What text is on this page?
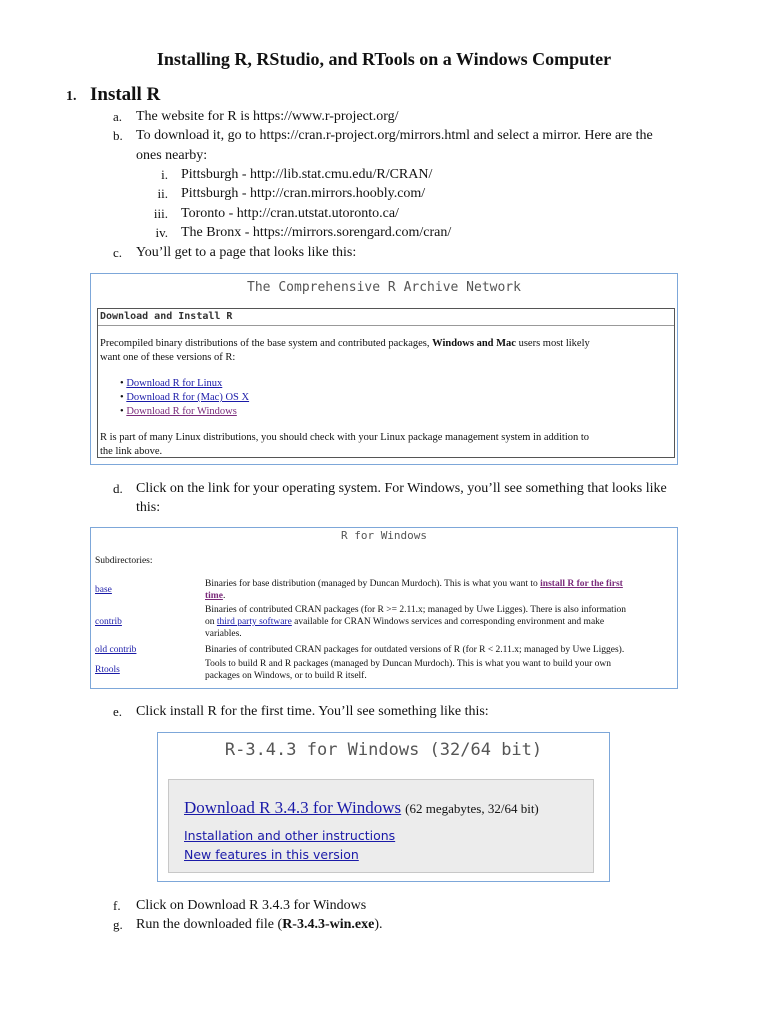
Installing R, RStudio, and RTools on a Windows Computer
1. Install R
a. The website for R is https://www.r-project.org/
b. To download it, go to https://cran.r-project.org/mirrors.html and select a mirror. Here are the
ones nearby:
i. Pittsburgh - http://lib.stat.cmu.edu/R/CRAN/
ii. Pittsburgh - http://cran.mirrors.hoobly.com/
iii. Toronto - http://cran.utstat.utoronto.ca/
iv. The Bronx - https://mirrors.sorengard.com/cran/
c. You’ll get to a page that looks like this:
The Comprehensive R Archive Network
Download and Install R
Precompiled binary distributions of the base system and contributed packages, Windows and Mac users most likely
want one of these versions of R:
• Download R for Linux
• Download R for (Mac) OS X
• Download R for Windows
R is part of many Linux distributions, you should check with your Linux package management system in addition to
the link above.
d. Click on the link for your operating system. For Windows, you’ll see something that looks like
this:
R for Windows
Subdirectories:
base
Binaries for base distribution (managed by Duncan Murdoch). This is what you want to install R for the first
time.
contrib
Binaries of contributed CRAN packages (for R >= 2.11.x; managed by Uwe Ligges). There is also information
on third party software available for CRAN Windows services and corresponding environment and make
variables.
old contrib	Binaries of contributed CRAN packages for outdated versions of R (for R < 2.11.x; managed by Uwe Ligges).
Rtools
Tools to build R and R packages (managed by Duncan Murdoch). This is what you want to build your own
packages on Windows, or to build R itself.
e. Click install R for the first time. You’ll see something like this:
R-3.4.3 for Windows (32/64 bit)
Download R 3.4.3 for Windows (62 megabytes, 32/64 bit)
Installation and other instructions
New features in this version
f. Click on Download R 3.4.3 for Windows
g. Run the downloaded file (R-3.4.3-win.exe).
